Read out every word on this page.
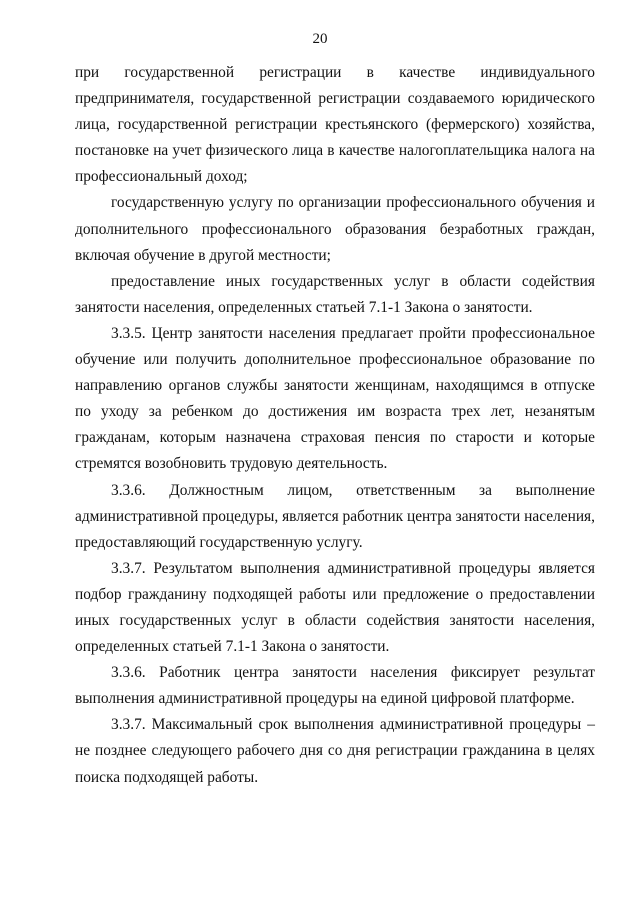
20

при государственной регистрации в качестве индивидуального предпринимателя, государственной регистрации создаваемого юридического лица, государственной регистрации крестьянского (фермерского) хозяйства, постановке на учет физического лица в качестве налогоплательщика налога на профессиональный доход;

государственную услугу по организации профессионального обучения и дополнительного профессионального образования безработных граждан, включая обучение в другой местности;

предоставление иных государственных услуг в области содействия занятости населения, определенных статьей 7.1-1 Закона о занятости.

3.3.5. Центр занятости населения предлагает пройти профессиональное обучение или получить дополнительное профессиональное образование по направлению органов службы занятости женщинам, находящимся в отпуске по уходу за ребенком до достижения им возраста трех лет, незанятым гражданам, которым назначена страховая пенсия по старости и которые стремятся возобновить трудовую деятельность.

3.3.6. Должностным лицом, ответственным за выполнение административной процедуры, является работник центра занятости населения, предоставляющий государственную услугу.

3.3.7. Результатом выполнения административной процедуры является подбор гражданину подходящей работы или предложение о предоставлении иных государственных услуг в области содействия занятости населения, определенных статьей 7.1-1 Закона о занятости.

3.3.6. Работник центра занятости населения фиксирует результат выполнения административной процедуры на единой цифровой платформе.

3.3.7. Максимальный срок выполнения административной процедуры – не позднее следующего рабочего дня со дня регистрации гражданина в целях поиска подходящей работы.
